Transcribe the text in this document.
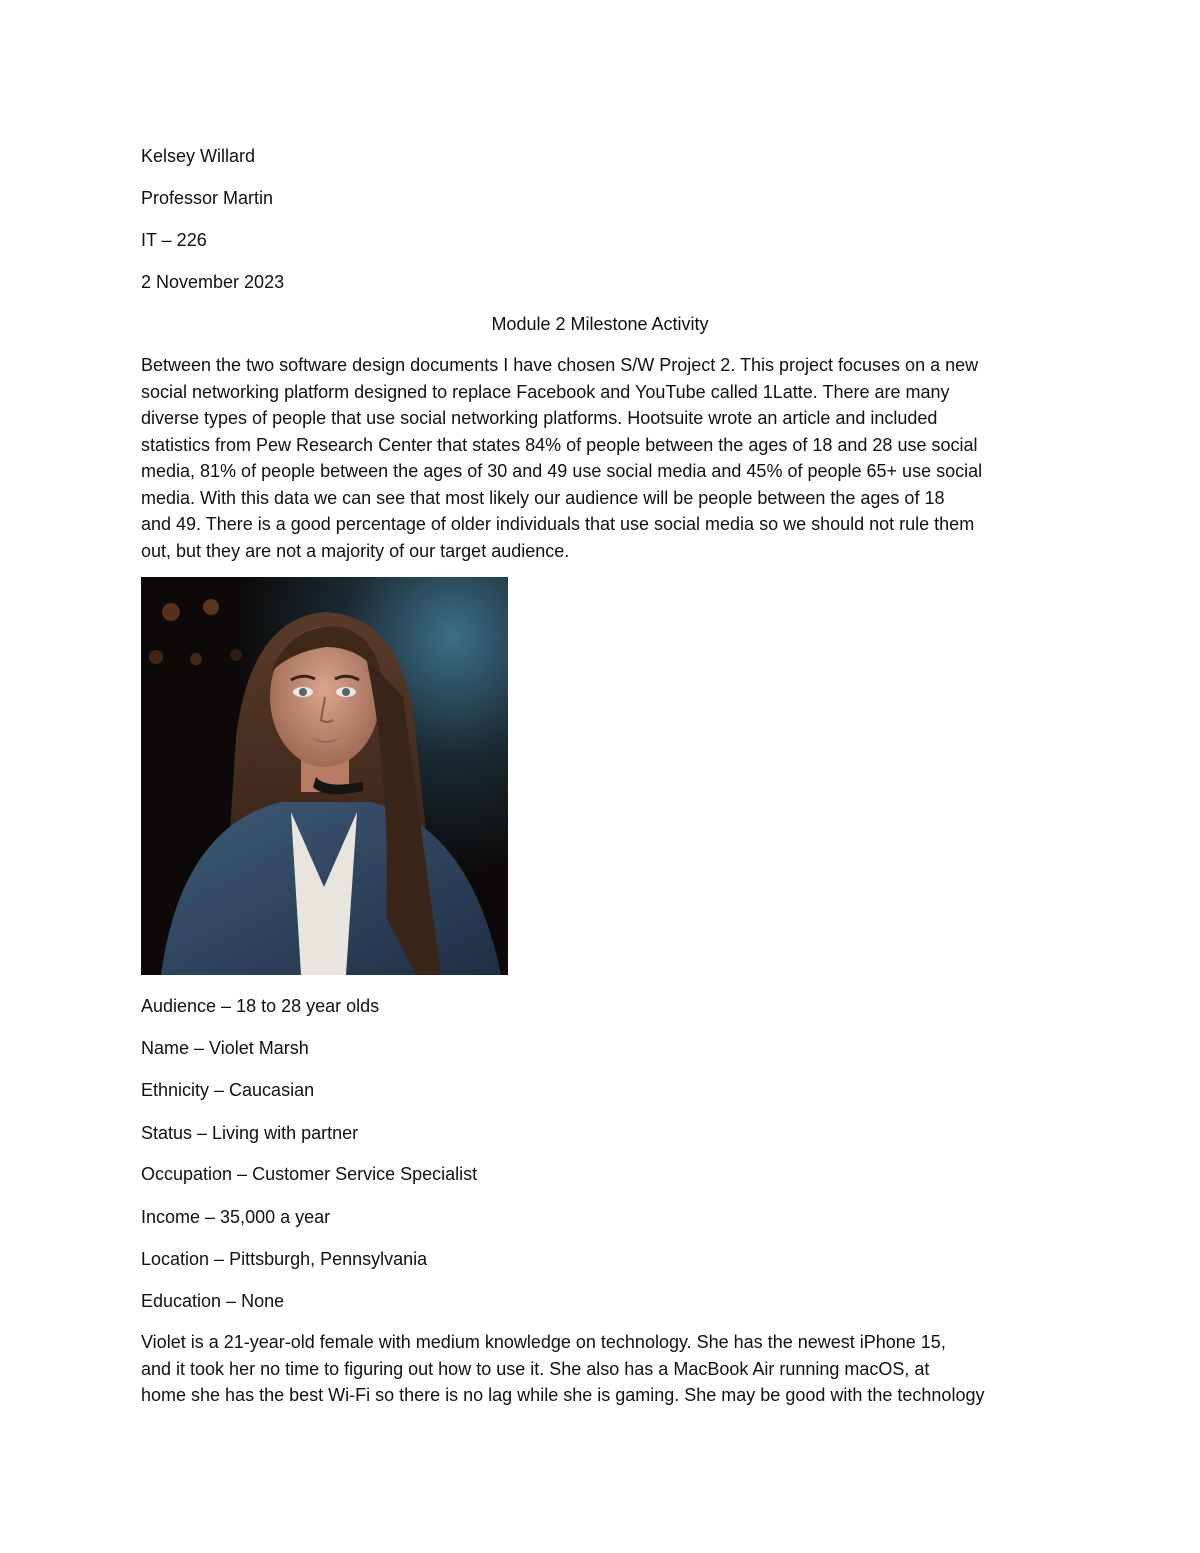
Kelsey Willard
Professor Martin
IT – 226
2 November 2023
Module 2 Milestone Activity
Between the two software design documents I have chosen S/W Project 2. This project focuses on a new
social networking platform designed to replace Facebook and YouTube called 1Latte. There are many
diverse types of people that use social networking platforms. Hootsuite wrote an article and included
statistics from Pew Research Center that states 84% of people between the ages of 18 and 28 use social
media, 81% of people between the ages of 30 and 49 use social media and 45% of people 65+ use social
media. With this data we can see that most likely our audience will be people between the ages of 18
and 49. There is a good percentage of older individuals that use social media so we should not rule them
out, but they are not a majority of our target audience.
Audience – 18 to 28 year olds
Name – Violet Marsh
Ethnicity – Caucasian
Status – Living with partner
Occupation – Customer Service Specialist
Income – 35,000 a year
Location – Pittsburgh, Pennsylvania
Education – None
Violet is a 21-year-old female with medium knowledge on technology. She has the newest iPhone 15,
and it took her no time to figuring out how to use it. She also has a MacBook Air running macOS, at
home she has the best Wi-Fi so there is no lag while she is gaming. She may be good with the technology
